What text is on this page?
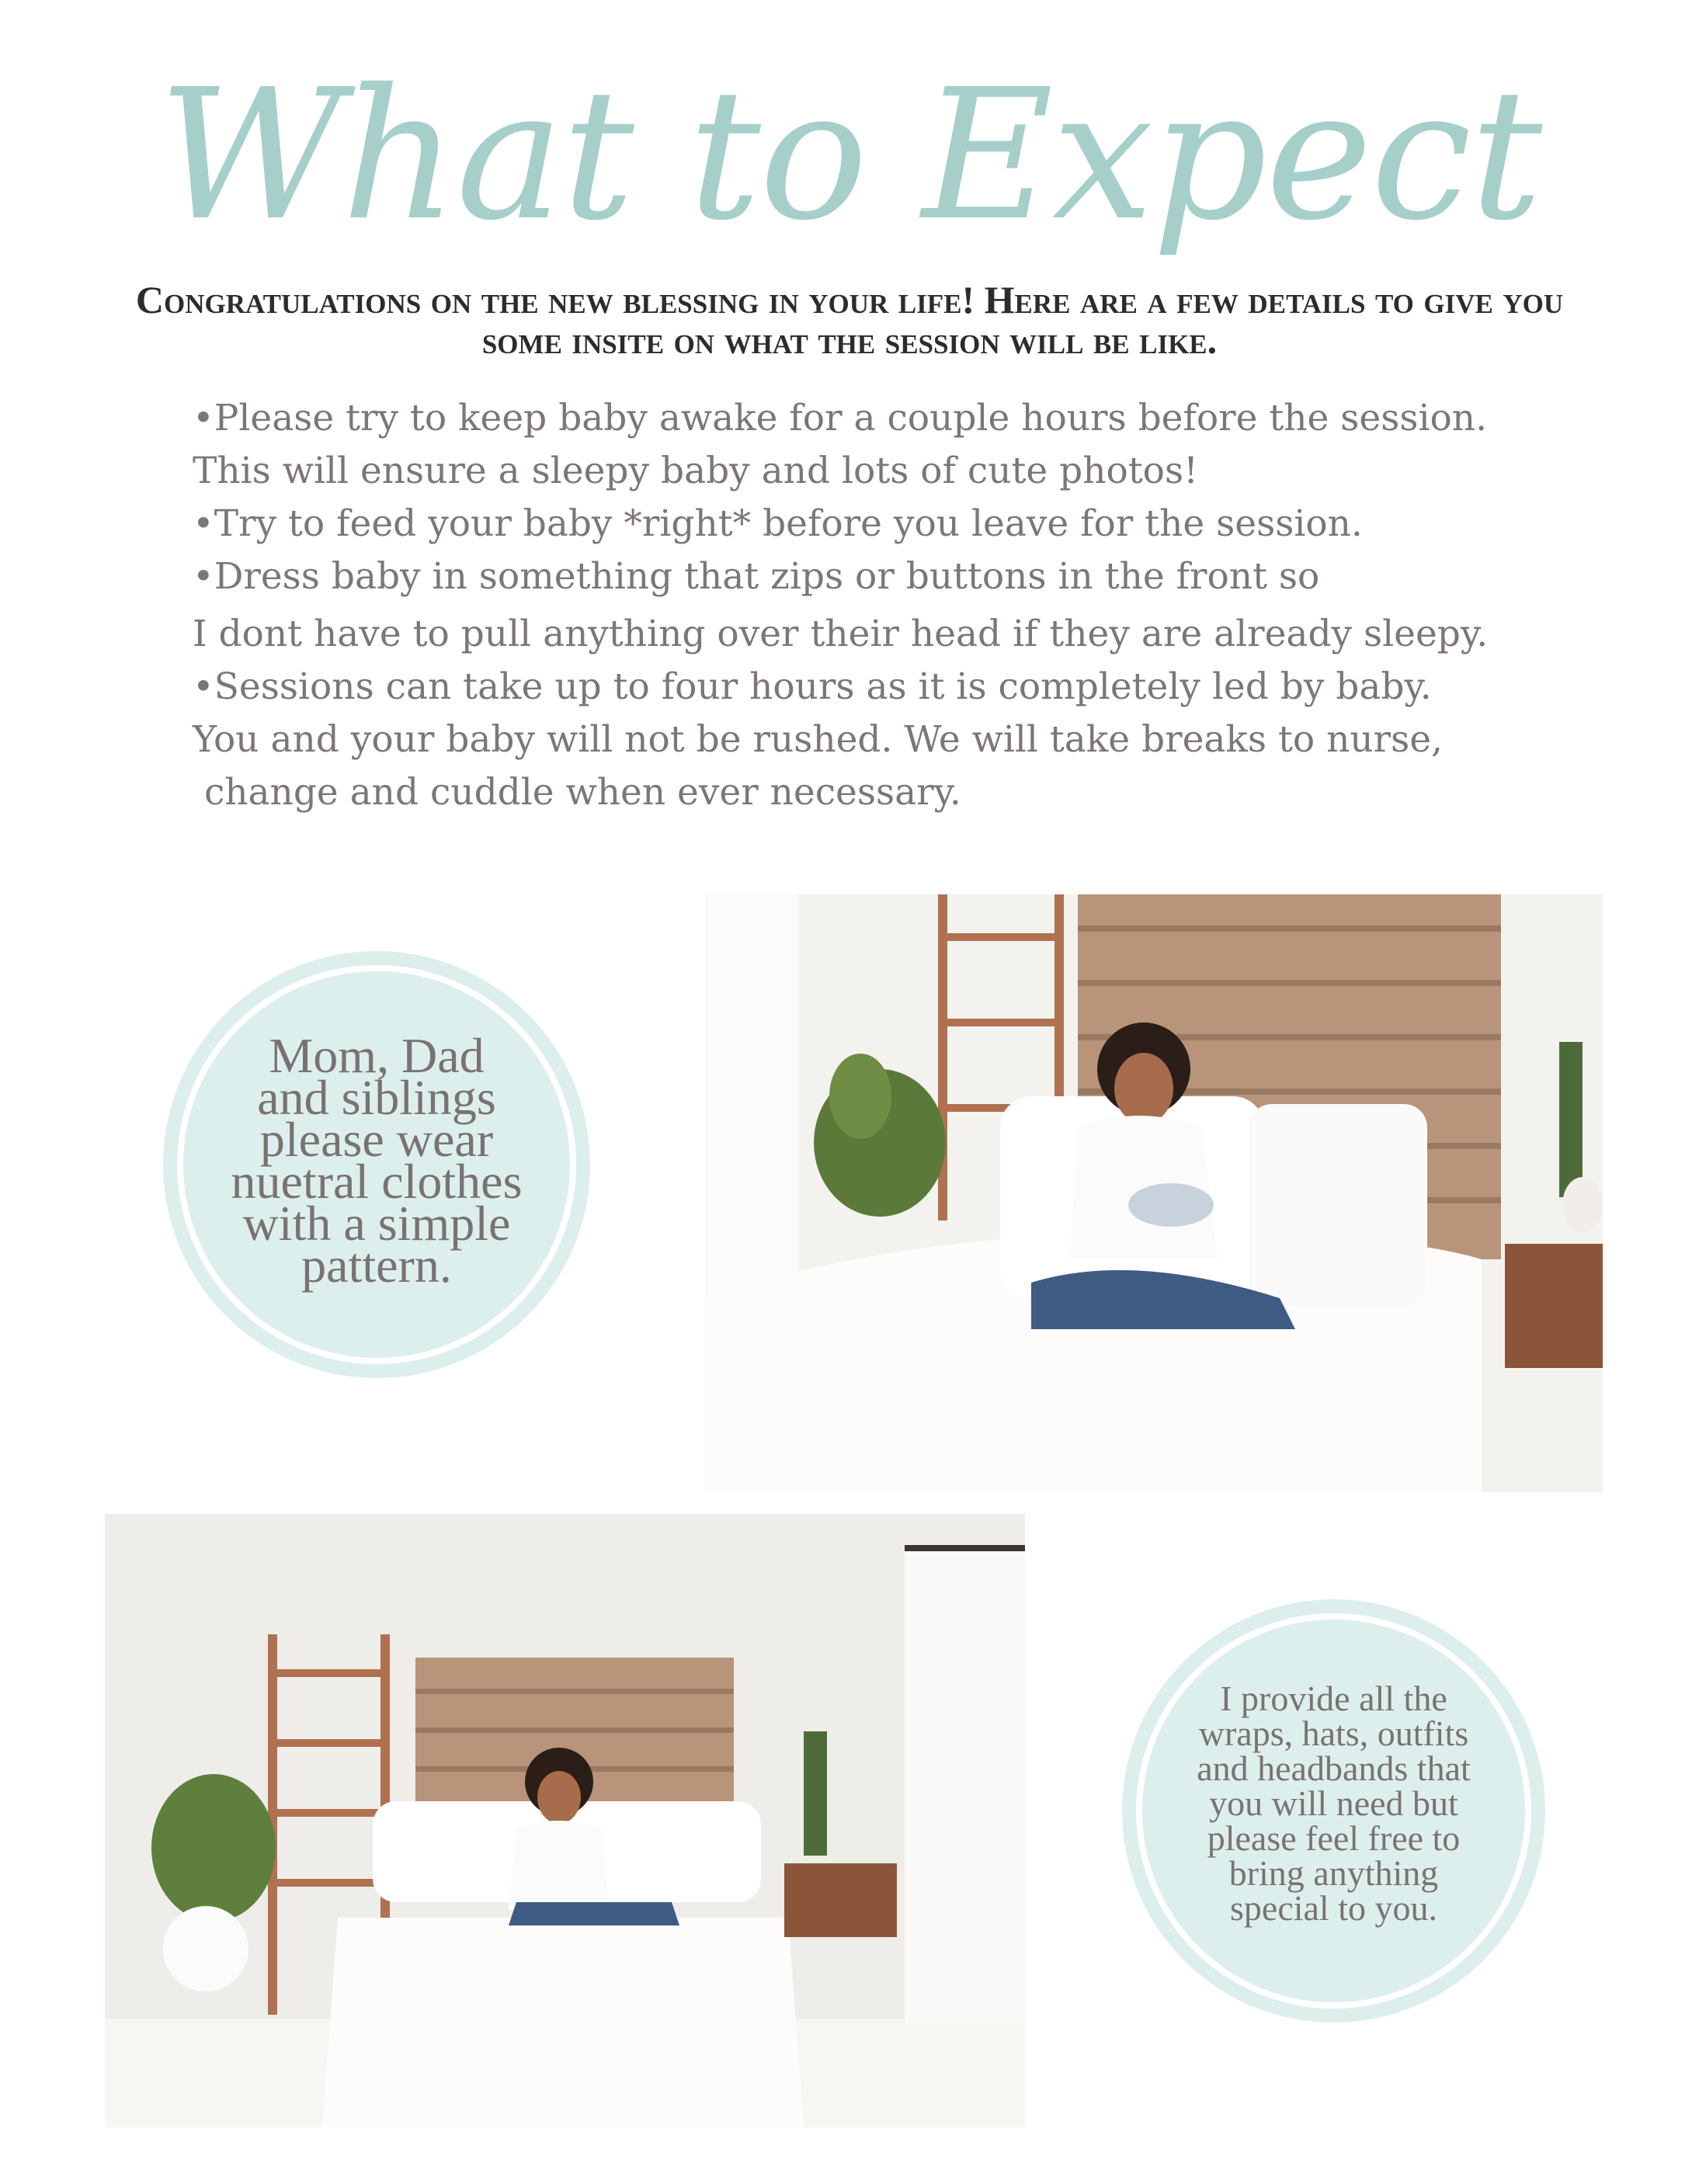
What to Expect
Congratulations on the new blessing in your life! Here are a few details to give you some insite on what the session will be like.
•Please try to keep baby awake for a couple hours before the session.
This will ensure a sleepy baby and lots of cute photos!
•Try to feed your baby *right* before you leave for the session.
•Dress baby in something that zips or buttons in the front so
I dont have to pull anything over their head if they are already sleepy.
•Sessions can take up to four hours as it is completely led by baby.
You and your baby will not be rushed. We will take breaks to nurse,
change and cuddle when ever necessary.
Mom, Dad
and siblings
please wear
nuetral clothes
with a simple
pattern.
I provide all the
wraps, hats, outfits
and headbands that
you will need but
please feel free to
bring anything
special to you.
